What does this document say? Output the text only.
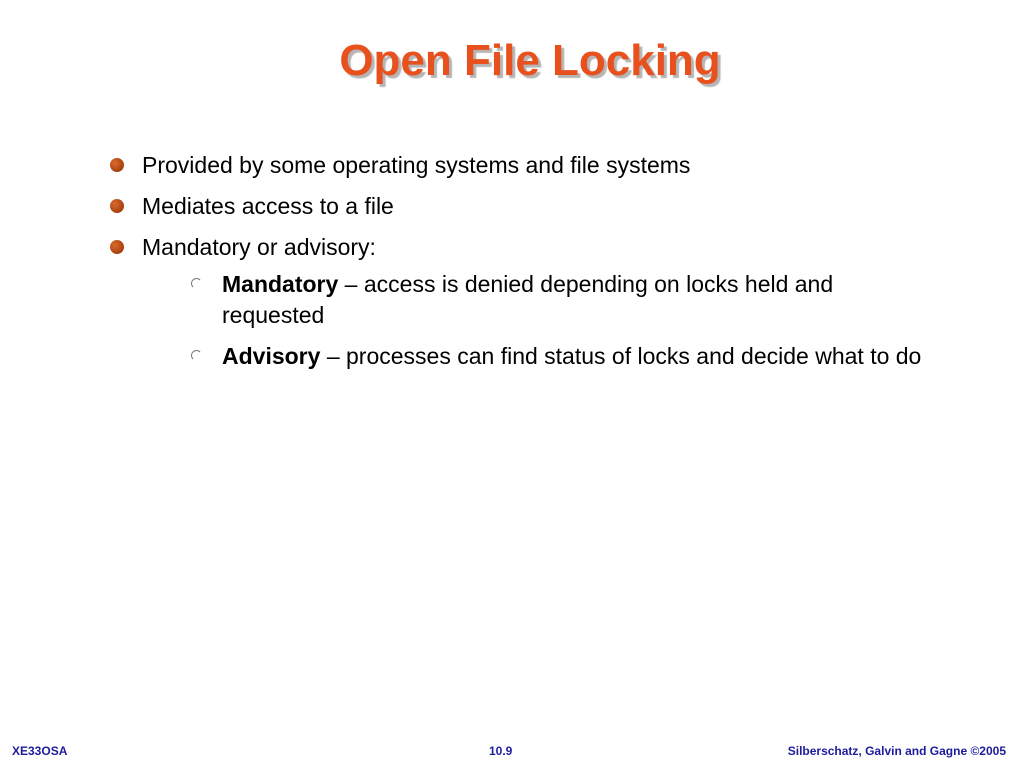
Open File Locking
Provided by some operating systems and file systems
Mediates access to a file
Mandatory or advisory:
Mandatory – access is denied depending on locks held and requested
Advisory – processes can find status of locks and decide what to do
XE33OSA	10.9	Silberschatz, Galvin and Gagne ©2005
